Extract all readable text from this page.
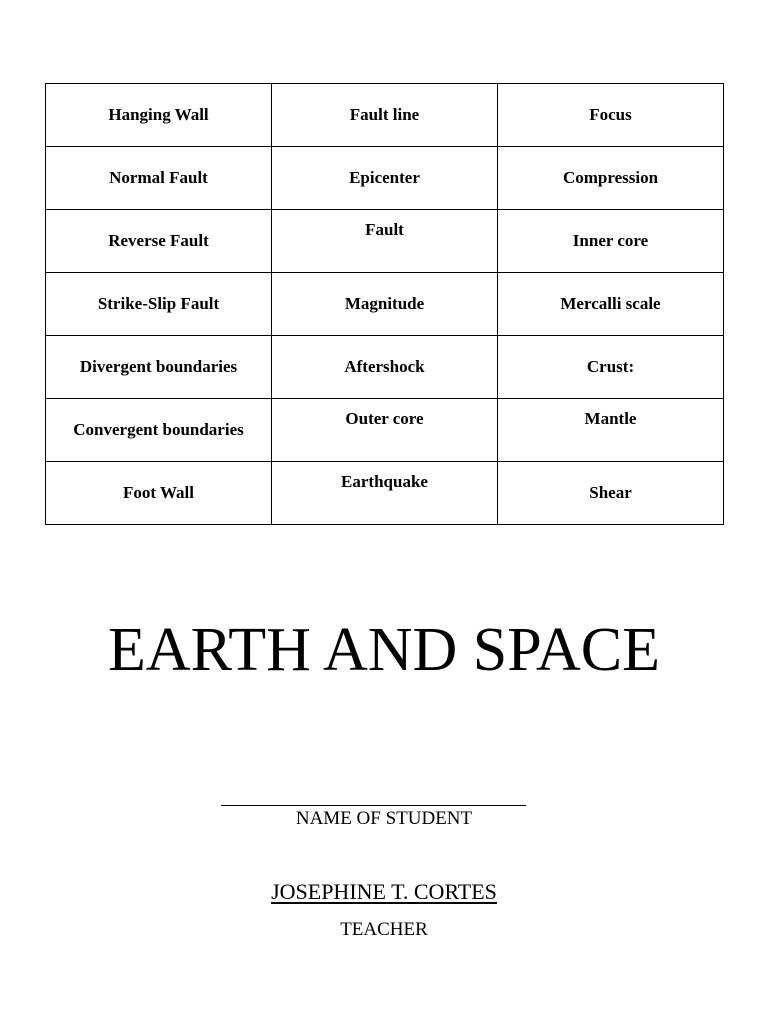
Hanging Wall	Fault line	Focus
Normal Fault	Epicenter	Compression
Reverse Fault	Fault	Inner core
Strike-Slip Fault	Magnitude	Mercalli scale
Divergent boundaries	Aftershock	Crust:
Convergent boundaries	Outer core	Mantle
Foot Wall	Earthquake	Shear
EARTH AND SPACE
NAME OF STUDENT
JOSEPHINE T. CORTES
TEACHER
